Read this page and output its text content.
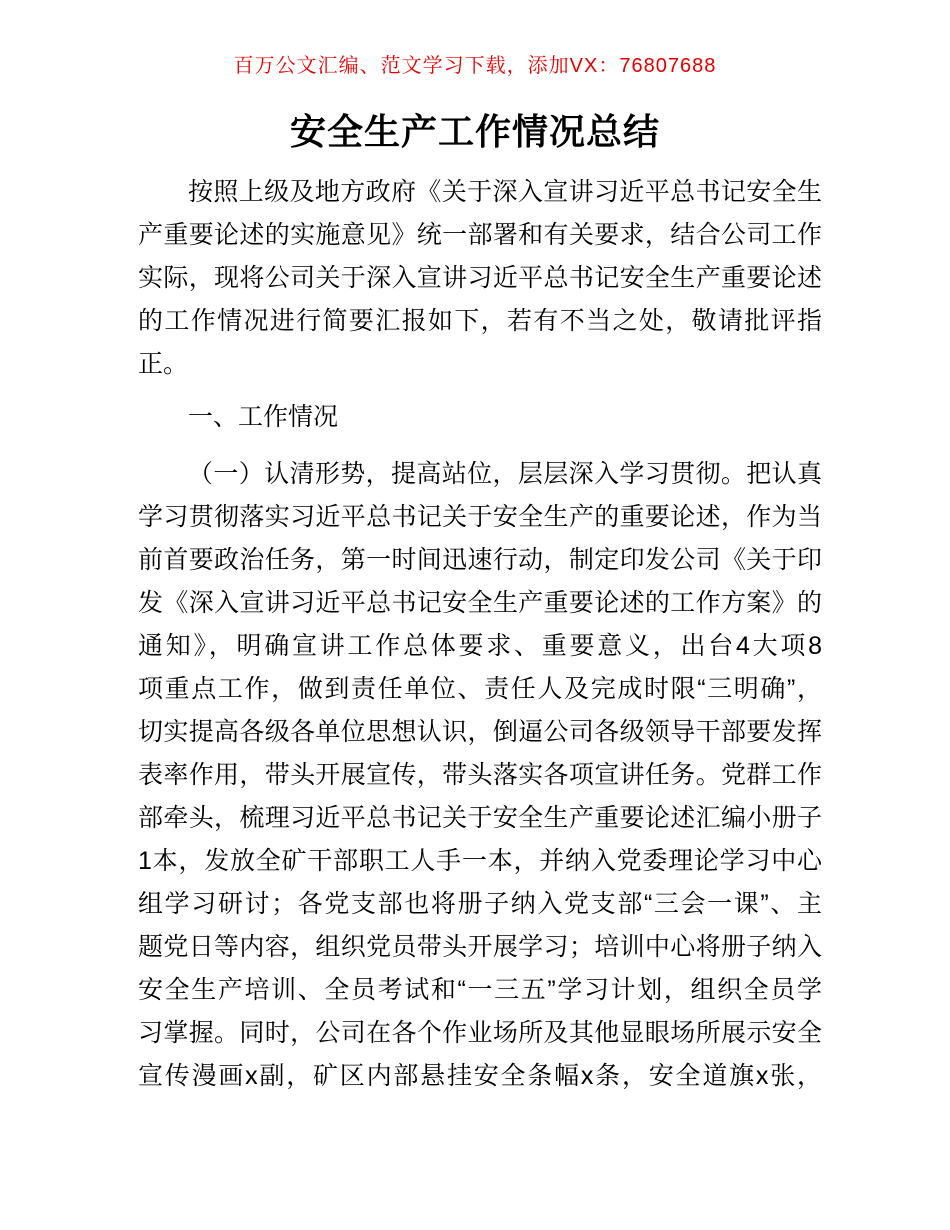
百万公文汇编、范文学习下载，添加VX：76807688
安全生产工作情况总结

按照上级及地方政府《关于深入宣讲习近平总书记安全生
产重要论述的实施意见》统一部署和有关要求，结合公司工作
实际，现将公司关于深入宣讲习近平总书记安全生产重要论述
的工作情况进行简要汇报如下，若有不当之处，敬请批评指
正。

一、工作情况

（一）认清形势，提高站位，层层深入学习贯彻。把认真
学习贯彻落实习近平总书记关于安全生产的重要论述，作为当
前首要政治任务，第一时间迅速行动，制定印发公司《关于印
发《深入宣讲习近平总书记安全生产重要论述的工作方案》的
通知》，明确宣讲工作总体要求、重要意义，出台4大项8
项重点工作，做到责任单位、责任人及完成时限“三明确”，
切实提高各级各单位思想认识，倒逼公司各级领导干部要发挥
表率作用，带头开展宣传，带头落实各项宣讲任务。党群工作
部牵头，梳理习近平总书记关于安全生产重要论述汇编小册子
1本，发放全矿干部职工人手一本，并纳入党委理论学习中心
组学习研讨；各党支部也将册子纳入党支部“三会一课”、主
题党日等内容，组织党员带头开展学习；培训中心将册子纳入
安全生产培训、全员考试和“一三五”学习计划，组织全员学
习掌握。同时，公司在各个作业场所及其他显眼场所展示安全
宣传漫画x副，矿区内部悬挂安全条幅x条，安全道旗x张，
